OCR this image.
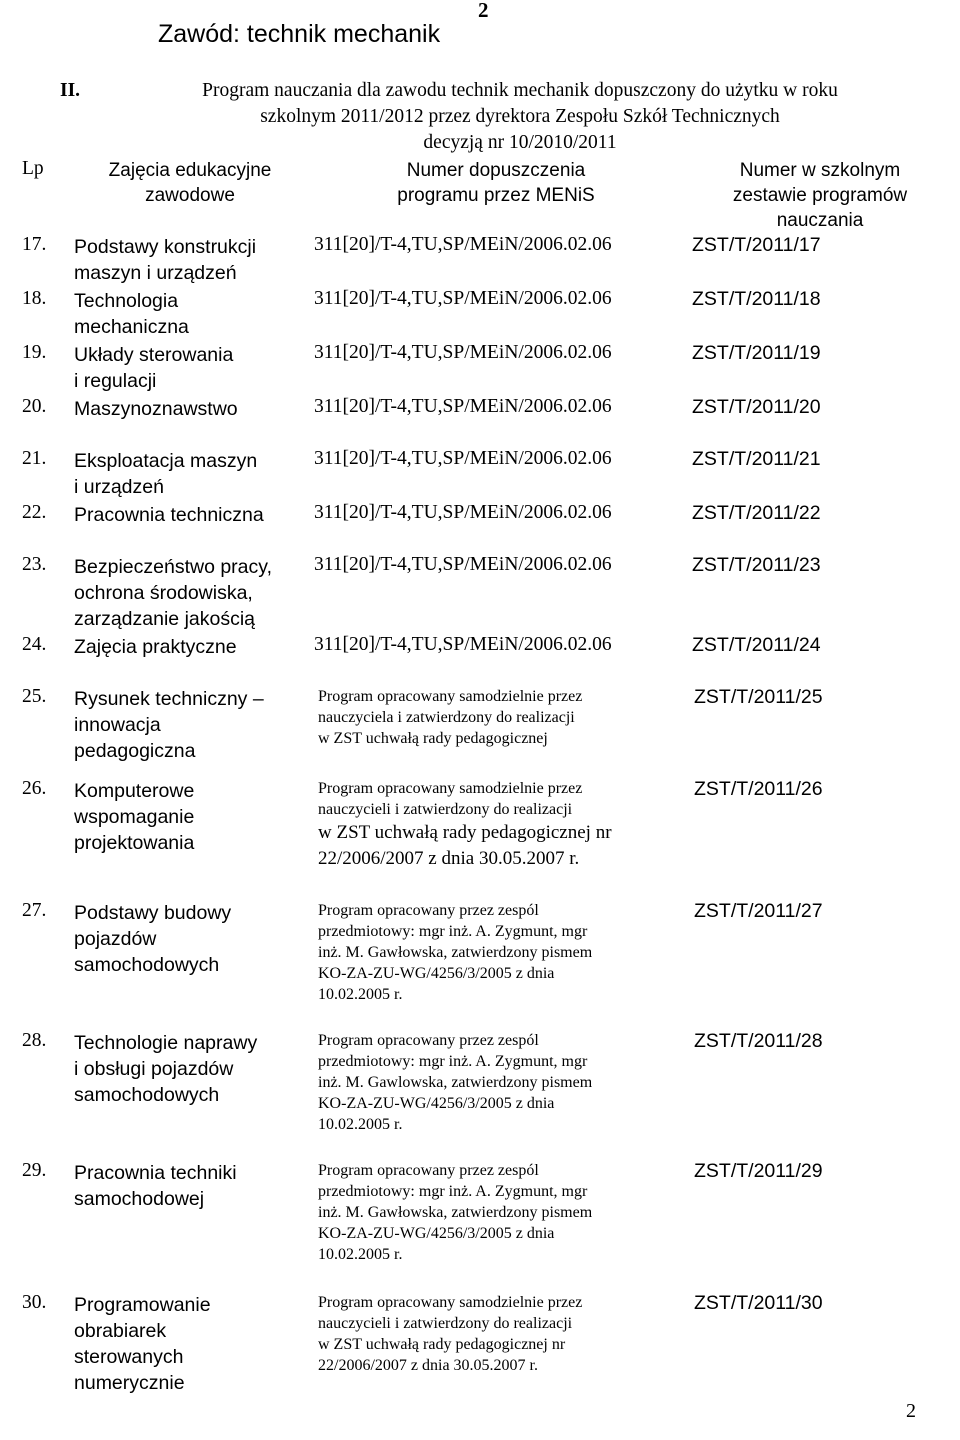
Zawód: technik mechanik
2
II.	Program nauczania dla zawodu technik mechanik dopuszczony do użytku w roku
szkolnym 2011/2012 przez dyrektora Zespołu Szkół Technicznych
decyzją nr 10/2010/2011
Lp	Zajęcia edukacyjne
zawodowe
Numer dopuszczenia
programu przez MENiS
Numer w szkolnym
zestawie programów
nauczania
17. Podstawy konstrukcji
maszyn i urządzeń
311[20]/T-4,TU,SP/MEiN/2006.02.06	ZST/T/2011/17
18. Technologia
mechaniczna
311[20]/T-4,TU,SP/MEiN/2006.02.06	ZST/T/2011/18
19. Układy sterowania
i regulacji
311[20]/T-4,TU,SP/MEiN/2006.02.06	ZST/T/2011/19
20. Maszynoznawstwo	311[20]/T-4,TU,SP/MEiN/2006.02.06	ZST/T/2011/20
21. Eksploatacja maszyn
i urządzeń
311[20]/T-4,TU,SP/MEiN/2006.02.06	ZST/T/2011/21
22. Pracownia techniczna	311[20]/T-4,TU,SP/MEiN/2006.02.06	ZST/T/2011/22
23. Bezpieczeństwo pracy,
ochrona środowiska,
zarządzanie jakością
311[20]/T-4,TU,SP/MEiN/2006.02.06	ZST/T/2011/23
24. Zajęcia praktyczne	311[20]/T-4,TU,SP/MEiN/2006.02.06	ZST/T/2011/24
25. Rysunek techniczny –
innowacja
pedagogiczna
Program opracowany samodzielnie przez
nauczyciela i zatwierdzony do realizacji
w ZST uchwałą rady pedagogicznej
ZST/T/2011/25
26. Komputerowe
wspomaganie
projektowania
Program opracowany samodzielnie przez
nauczycieli i zatwierdzony do realizacji
w ZST uchwałą rady pedagogicznej nr
22/2006/2007 z dnia 30.05.2007 r.
ZST/T/2011/26
27. Podstawy budowy
pojazdów
samochodowych
Program opracowany przez zespól
przedmiotowy: mgr inż. A. Zygmunt, mgr
inż. M. Gawłowska, zatwierdzony pismem
KO-ZA-ZU-WG/4256/3/2005 z dnia
10.02.2005 r.
ZST/T/2011/27
28. Technologie naprawy
i obsługi pojazdów
samochodowych
Program opracowany przez zespól
przedmiotowy: mgr inż. A. Zygmunt, mgr
inż. M. Gawlowska, zatwierdzony pismem
KO-ZA-ZU-WG/4256/3/2005 z dnia
10.02.2005 r.
ZST/T/2011/28
29. Pracownia techniki
samochodowej
Program opracowany przez zespól
przedmiotowy: mgr inż. A. Zygmunt, mgr
inż. M. Gawłowska, zatwierdzony pismem
KO-ZA-ZU-WG/4256/3/2005 z dnia
10.02.2005 r.
ZST/T/2011/29
30. Programowanie
obrabiarek
sterowanych
numerycznie
Program opracowany samodzielnie przez
nauczycieli i zatwierdzony do realizacji
w ZST uchwałą rady pedagogicznej nr
22/2006/2007 z dnia 30.05.2007 r.
ZST/T/2011/30
2
